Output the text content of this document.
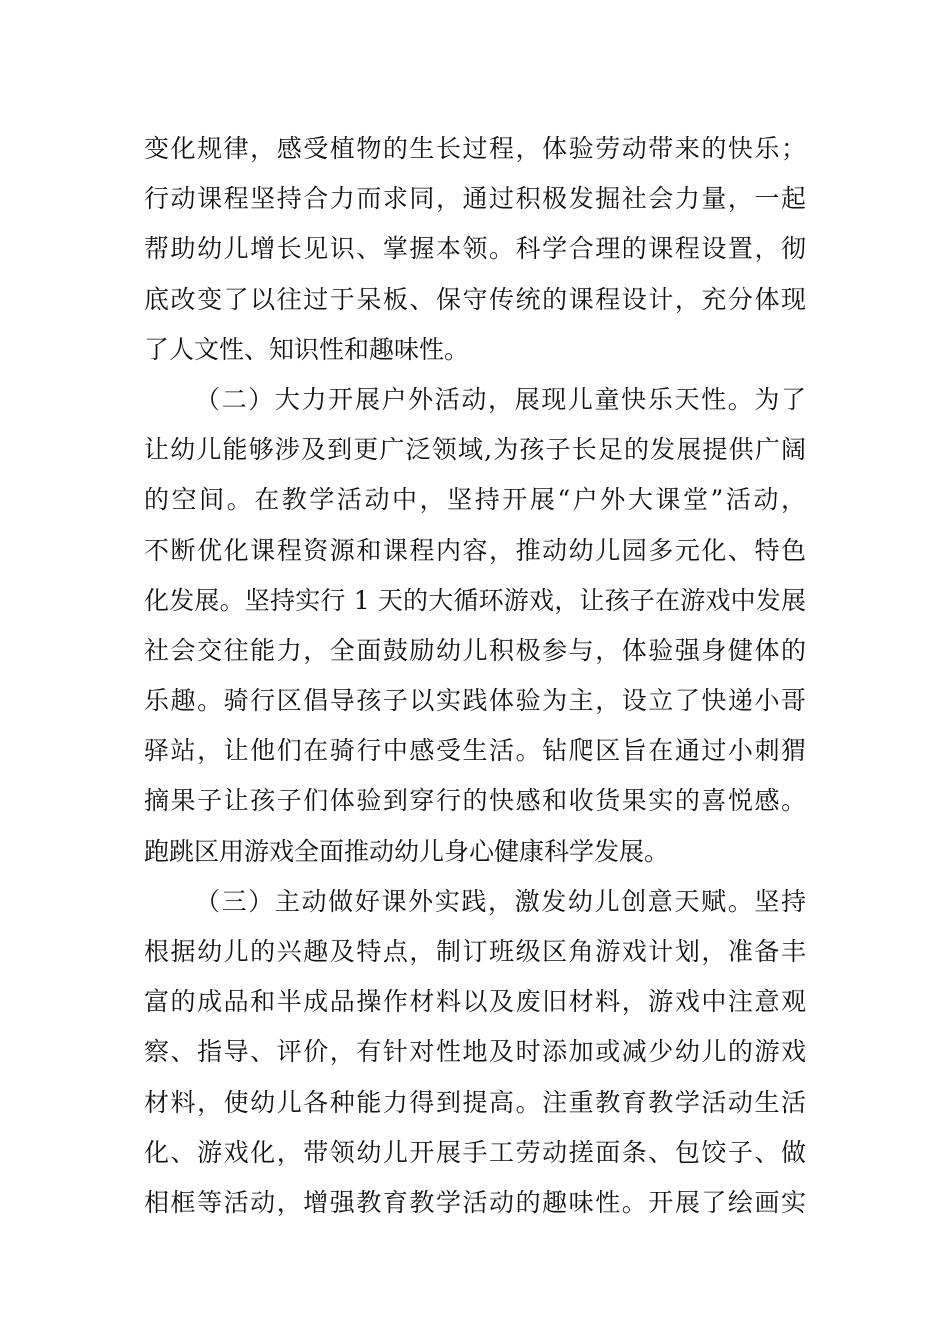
变化规律，感受植物的生长过程，体验劳动带来的快乐；
行动课程坚持合力而求同，通过积极发掘社会力量，一起
帮助幼儿增长见识、掌握本领。科学合理的课程设置，彻
底改变了以往过于呆板、保守传统的课程设计，充分体现
了人文性、知识性和趣味性。
（二）大力开展户外活动，展现儿童快乐天性。为了
让幼儿能够涉及到更广泛领域,为孩子长足的发展提供广阔
的空间。在教学活动中，坚持开展“户外大课堂”活动，
不断优化课程资源和课程内容，推动幼儿园多元化、特色
化发展。坚持实行 1 天的大循环游戏，让孩子在游戏中发展
社会交往能力，全面鼓励幼儿积极参与，体验强身健体的
乐趣。骑行区倡导孩子以实践体验为主，设立了快递小哥
驿站，让他们在骑行中感受生活。钻爬区旨在通过小刺猬
摘果子让孩子们体验到穿行的快感和收货果实的喜悦感。
跑跳区用游戏全面推动幼儿身心健康科学发展。
（三）主动做好课外实践，激发幼儿创意天赋。坚持
根据幼儿的兴趣及特点，制订班级区角游戏计划，准备丰
富的成品和半成品操作材料以及废旧材料，游戏中注意观
察、指导、评价，有针对性地及时添加或减少幼儿的游戏
材料，使幼儿各种能力得到提高。注重教育教学活动生活
化、游戏化，带领幼儿开展手工劳动搓面条、包饺子、做
相框等活动，增强教育教学活动的趣味性。开展了绘画实
